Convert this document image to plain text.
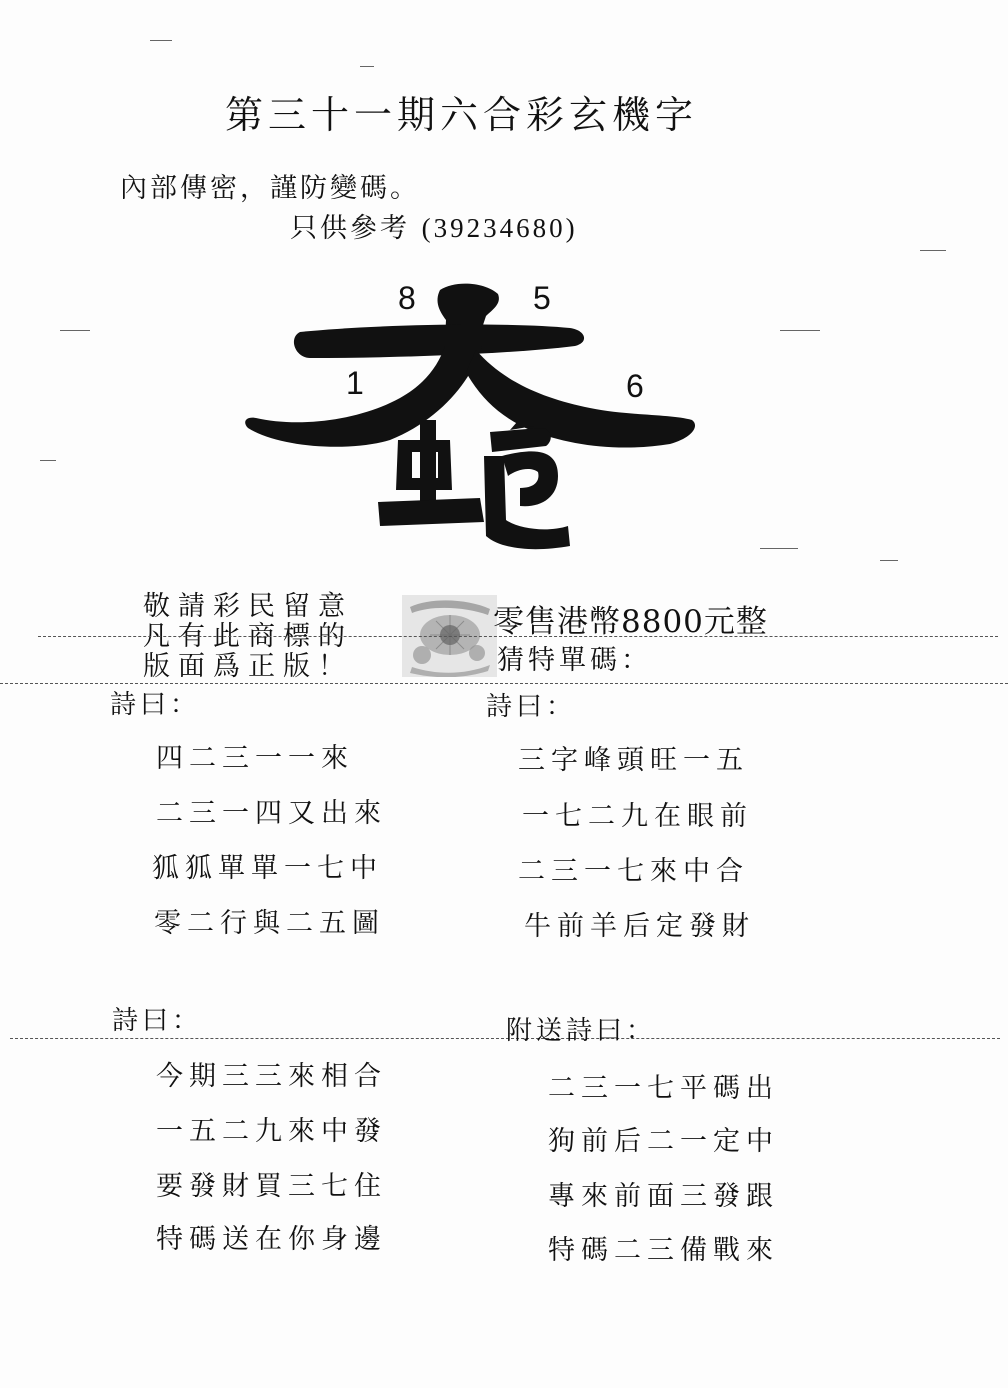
第三十一期六合彩玄機字
內部傳密，謹防變碼。
只供參考 (39234680)
8	5
1	6
敬請彩民留意
凡有此商標的
版面爲正版！
零售港幣8800元整
猜特單碼：
詩曰：
四二三一一來
二三一四又出來
狐狐單單一七中
零二行與二五圖
詩曰：
三字峰頭旺一五
一七二九在眼前
二三一七來中合
牛前羊后定發財
詩曰：
今期三三來相合
一五二九來中發
要發財買三七住
特碼送在你身邊
附送詩曰：
二三一七平碼出
狗前后二一定中
專來前面三發跟
特碼二三備戰來
